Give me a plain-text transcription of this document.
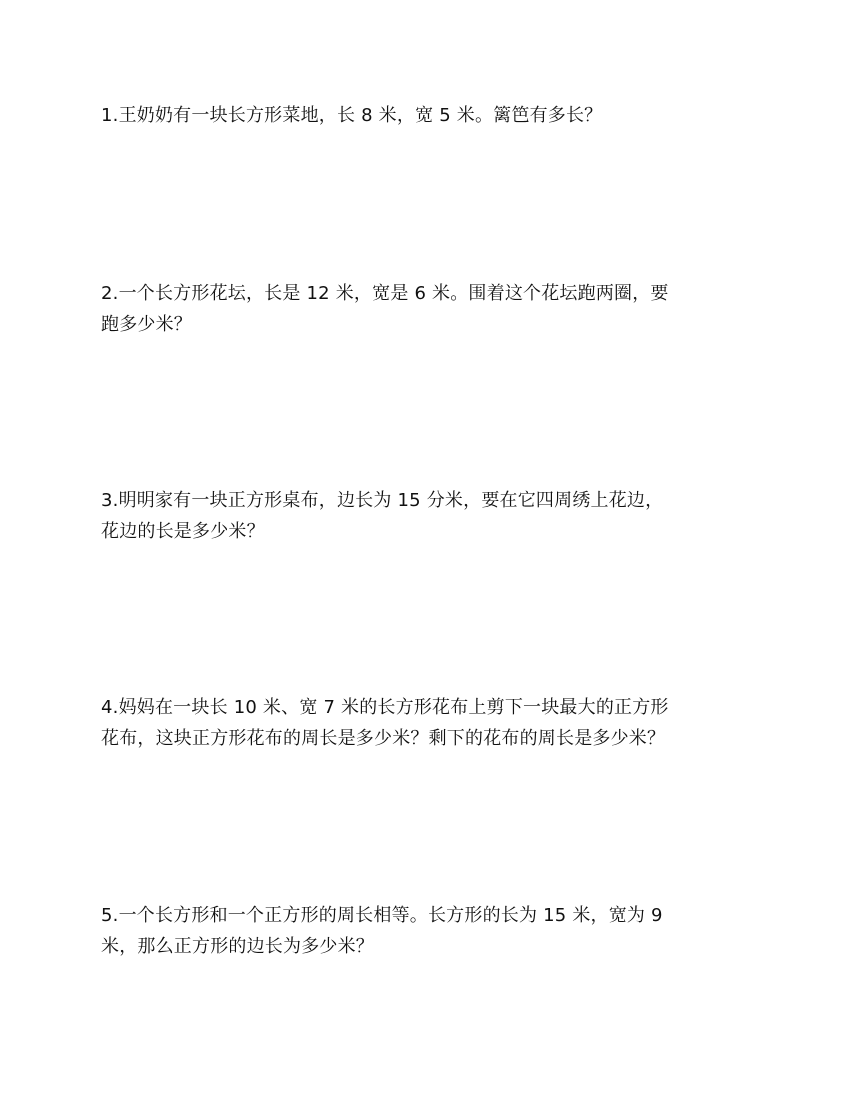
1.王奶奶有一块长方形菜地，长 8 米，宽 5 米。篱笆有多长？
2.一个长方形花坛，长是 12 米，宽是 6 米。围着这个花坛跑两圈，要
跑多少米？
3.明明家有一块正方形桌布，边长为 15 分米，要在它四周绣上花边，
花边的长是多少米？
4.妈妈在一块长 10 米、宽 7 米的长方形花布上剪下一块最大的正方形
花布，这块正方形花布的周长是多少米？剩下的花布的周长是多少米？
5.一个长方形和一个正方形的周长相等。长方形的长为 15 米，宽为 9
米，那么正方形的边长为多少米？
